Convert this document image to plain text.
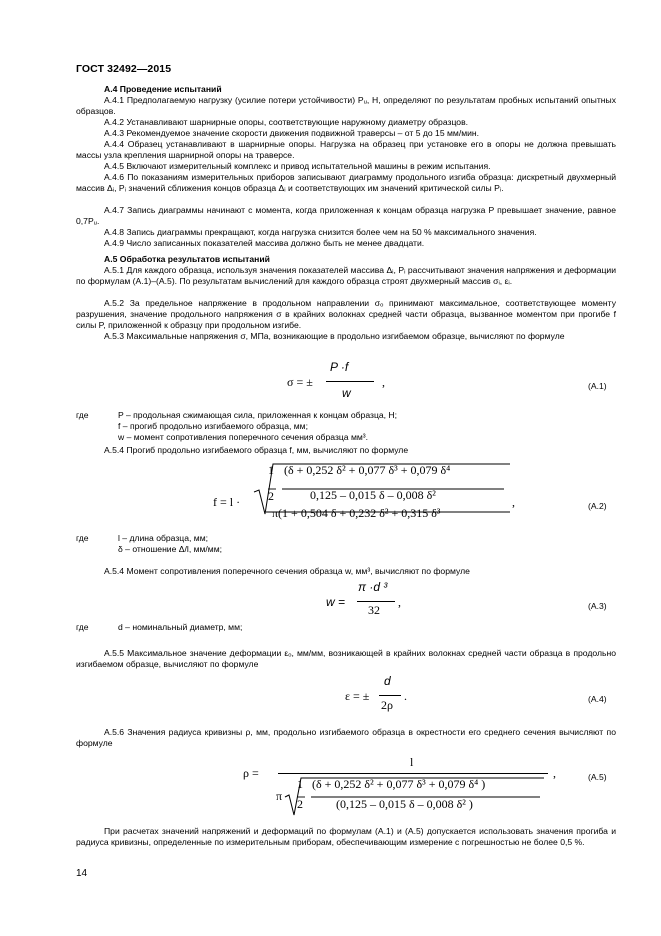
ГОСТ 32492—2015
А.4 Проведение испытаний
А.4.1 Предполагаемую нагрузку (усилие потери устойчивости) Pᵤ, Н, определяют по результатам пробных испытаний опытных образцов.
А.4.2 Устанавливают шарнирные опоры, соответствующие наружному диаметру образцов.
А.4.3 Рекомендуемое значение скорости движения подвижной траверсы – от 5 до 15 мм/мин.
А.4.4 Образец устанавливают в шарнирные опоры. Нагрузка на образец при установке его в опоры не должна превышать массы узла крепления шарнирной опоры на траверсе.
А.4.5 Включают измерительный комплекс и привод испытательной машины в режим испытания.
А.4.6 По показаниям измерительных приборов записывают диаграмму продольного изгиба образца: дискретный двухмерный массив Δᵢ, Pᵢ значений сближения концов образца Δᵢ и соответствующих им значений критической силы Pᵢ.
А.4.7 Запись диаграммы начинают с момента, когда приложенная к концам образца нагрузка P превышает значение, равное 0,7Pᵤ.
А.4.8 Запись диаграммы прекращают, когда нагрузка снизится более чем на 50 % максимального значения.
А.4.9 Число записанных показателей массива должно быть не менее двадцати.
А.5 Обработка результатов испытаний
А.5.1 Для каждого образца, используя значения показателей массива Δᵢ, Pᵢ рассчитывают значения напряжения и деформации по формулам (А.1)–(А.5). По результатам вычислений для каждого образца строят двухмерный массив σᵢ, εᵢ.
А.5.2 За предельное напряжение в продольном направлении σₒ принимают максимальное, соответствующее моменту разрушения, значение продольного напряжения σ в крайних волокнах средней части образца, вызванное моментом при прогибе f силы P, приложенной к образцу при продольном изгибе.
А.5.3 Максимальные напряжения σ, МПа, возникающие в продольно изгибаемом образце, вычисляют по формуле
σ = ±
P ·f
w
,	(А.1)
где	P – продольная сжимающая сила, приложенная к концам образца, Н;
f – прогиб продольно изгибаемого образца, мм;
w – момент сопротивления поперечного сечения образца мм³.
А.5.4 Прогиб продольно изгибаемого образца f, мм, вычисляют по формуле
f = l ·
1
2
(δ + 0,252 δ² + 0,077 δ³ + 0,079 δ⁴
0,125 – 0,015 δ – 0,008 δ²
π(1 + 0,504 δ + 0,232 δ² + 0,315 δ³
,	(А.2)
где	l – длина образца, мм;
δ – отношение Δ/l, мм/мм;
А.5.4 Момент сопротивления поперечного сечения образца w, мм³, вычисляют по формуле
w =
π ·d ³
32
,	(А.3)
где	d – номинальный диаметр, мм;
А.5.5 Максимальное значение деформации εₒ, мм/мм, возникающей в крайних волокнах средней части образца в продольно изгибаемом образце, вычисляют по формуле
ε = ±
d
2ρ
.	(А.4)
А.5.6 Значения радиуса кривизны ρ, мм, продольно изгибаемого образца в окрестности его среднего сечения вычисляют по формуле
ρ =
l
π
1
2
(δ + 0,252 δ² + 0,077 δ³ + 0,079 δ⁴ )
(0,125 – 0,015 δ – 0,008 δ² )
,	(А.5)
При расчетах значений напряжений и деформаций по формулам (А.1) и (А.5) допускается использовать значения прогиба и радиуса кривизны, определенные по измерительным приборам, обеспечивающим измерение с погрешностью не более 0,5 %.
14
